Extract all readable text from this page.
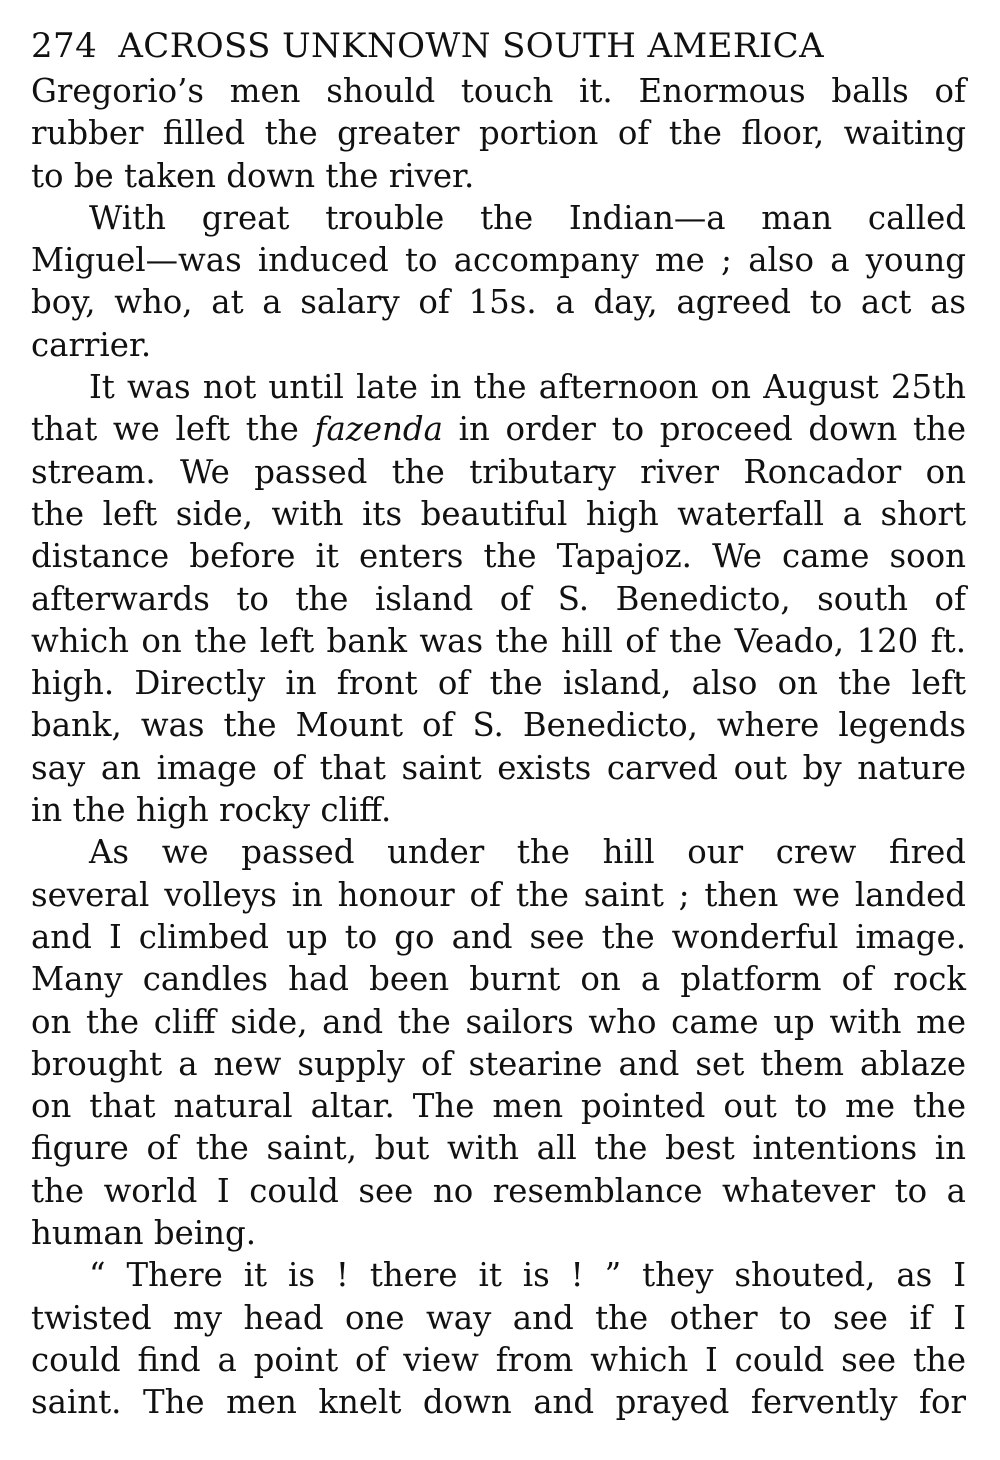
274 ACROSS UNKNOWN SOUTH AMERICA

Gregorio’s men should touch it. Enormous balls of
rubber filled the greater portion of the floor, waiting
to be taken down the river.

With great trouble the Indian—a man called
Miguel—was induced to accompany me ; also a young
boy, who, at a salary of 15s. a day, agreed to act as
carrier.

It was not until late in the afternoon on August 25th
that we left the fazenda in order to proceed down the
stream. We passed the tributary river Roncador on
the left side, with its beautiful high waterfall a short
distance before it enters the Tapajoz. We came soon
afterwards to the island of S. Benedicto, south of
which on the left bank was the hill of the Veado, 120 ft.
high. Directly in front of the island, also on the left
bank, was the Mount of S. Benedicto, where legends
say an image of that saint exists carved out by nature
in the high rocky cliff.

As we passed under the hill our crew fired
several volleys in honour of the saint ; then we landed
and I climbed up to go and see the wonderful image.
Many candles had been burnt on a platform of rock
on the cliff side, and the sailors who came up with me
brought a new supply of stearine and set them ablaze
on that natural altar. The men pointed out to me the
figure of the saint, but with all the best intentions in
the world I could see no resemblance whatever to a
human being.

“ There it is ! there it is ! ” they shouted, as I
twisted my head one way and the other to see if I
could find a point of view from which I could see the
saint. The men knelt down and prayed fervently for
